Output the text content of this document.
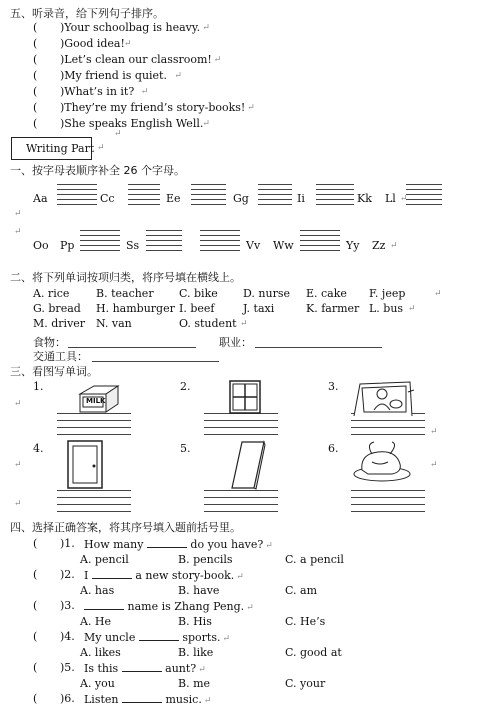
五、听录音，给下列句子排序。
( )Your schoolbag is heavy. ↵
( )Good idea! ↵
( )Let’s clean our classroom! ↵
( )My friend is quiet. ↵
( )What’s in it? ↵
( )They’re my friend’s story-books! ↵
( )She speaks English Well. ↵
Writing Part ↵
↵
一、按字母表顺序补全 26 个字母。
Aa	Cc	Ee	Gg	Ii	Kk Ll ↵
↵
↵
Oo Pp	Ss	Vv Ww	Yy Zz ↵
二、将下列单词按项归类，将序号填在横线上。
A. rice B. teacher C. bike D. nurse E. cake F. jeep
G. bread H. hamburger I. beef	J. taxi	K. farmer L. bus
M. driver N. van	O. student
↵
↵
↵
食物：	职业：
交通工具：
三、看图写单词。
1.	2.	3.
4.	5.	6.
↵
↵
↵	↵
↵
MILK
四、选择正确答案，将其序号填入题前括号里。
( )1. How many	do you have? ↵
A. pencil	B. pencils	C. a pencil
( )2. I	a new story-book. ↵
A. has	B. have	C. am
( )3.	name is Zhang Peng. ↵
A. He	B. His	C. He’s
( )4. My uncle	sports. ↵
A. likes	B. like	C. good at
( )5. Is this	aunt? ↵
A. you	B. me	C. your
( )6. Listen	music. ↵
